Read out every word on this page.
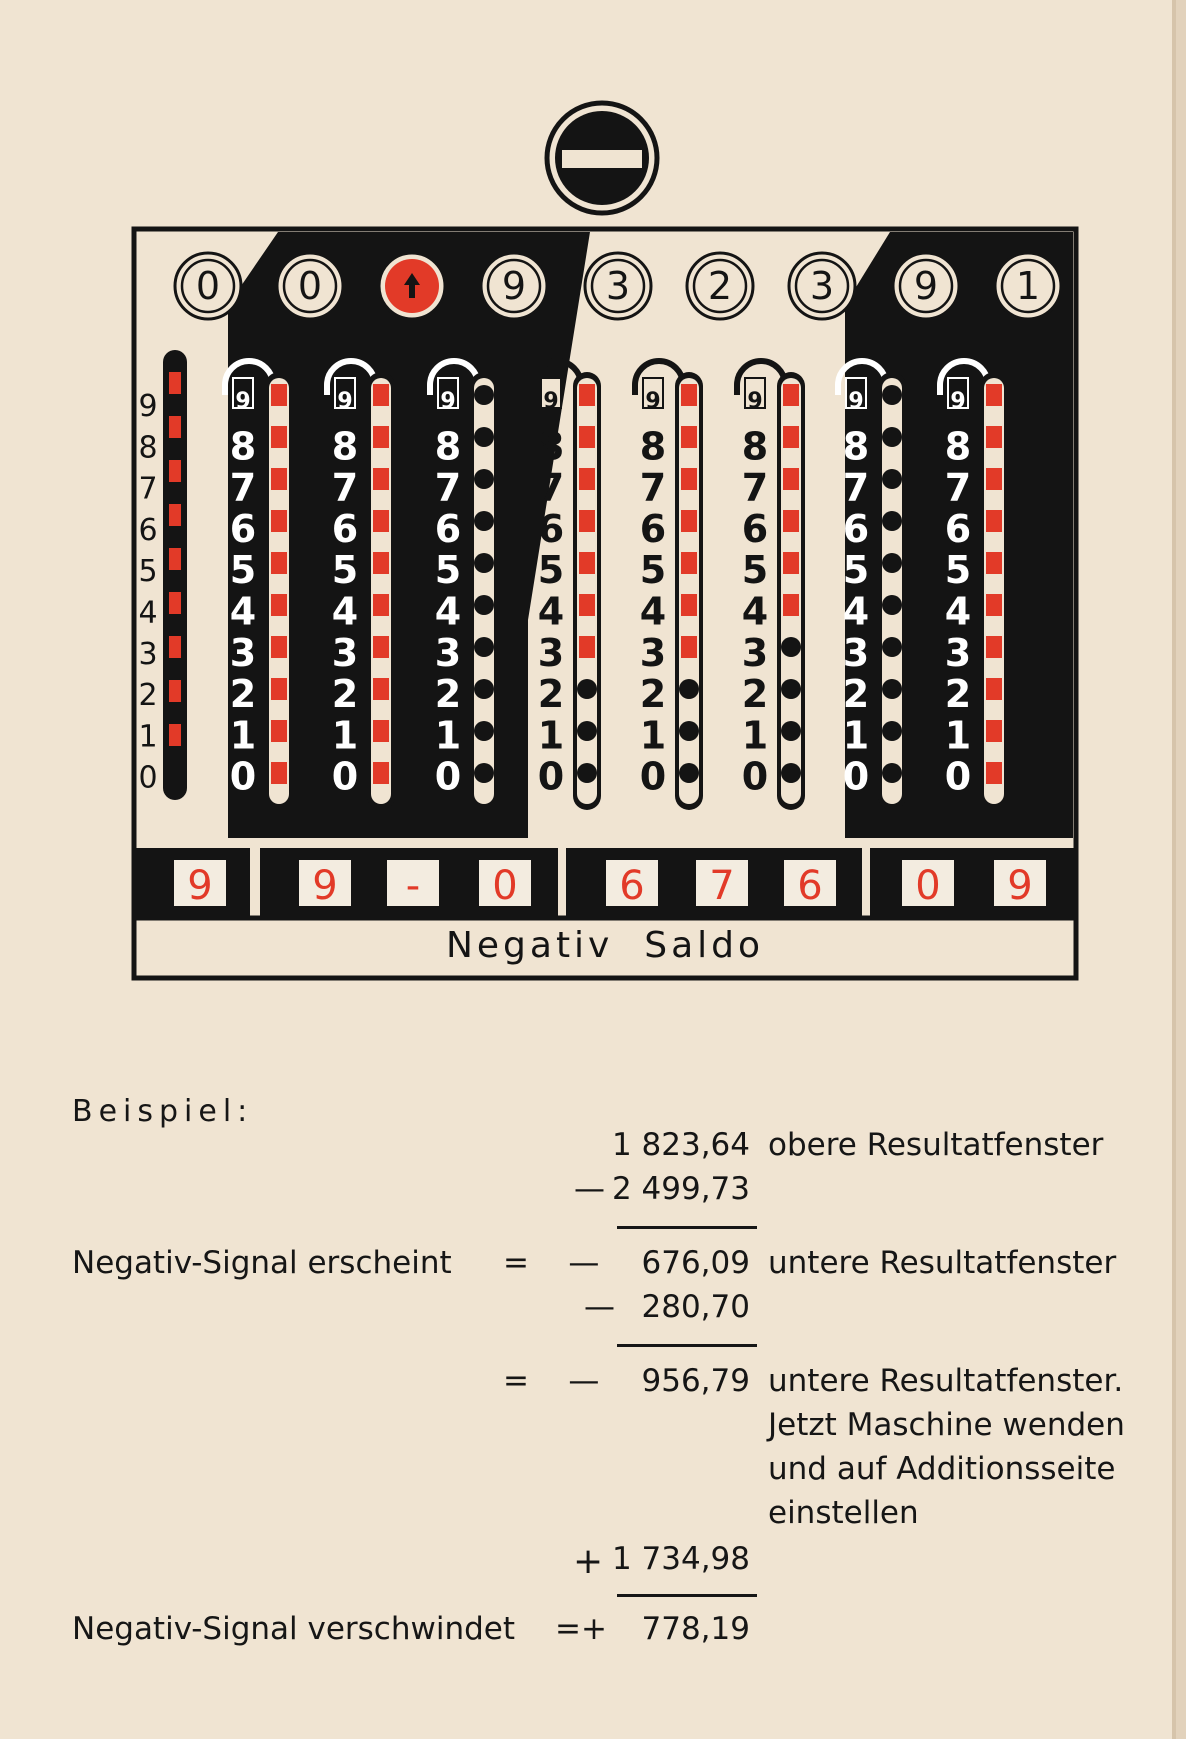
0 0	9 3 2 3 9 1
9
8
7
6
5
4
3
2
1
0
9
8
7
6
5
4
3
2
1
0
9
8
7
6
5
4
3
2
1
0
9
8
7
6
5
4
3
2
1
0
9
8
7
6
5
4
3
2
1
0
9
8
7
6
5
4
3
2
1
0
9
8
7
6
5
4
3
2
1
0
9
8
7
6
5
4
3
2
1
0
9
8
7
6
5
4
3
2
1
0
9 9 - 0	6 7 6 0 9
Negativ  Saldo
Beispiel:
1 823,64 obere Resultatfenster
— 2 499,73
Negativ-Signal erscheint =    —	676,09 untere Resultatfenster
— 280,70
=    —	956,79 untere Resultatfenster.
Jetzt Maschine wenden
und auf Additionsseite
einstellen
+ 1 734,98
Negativ-Signal verschwindet =+	778,19
